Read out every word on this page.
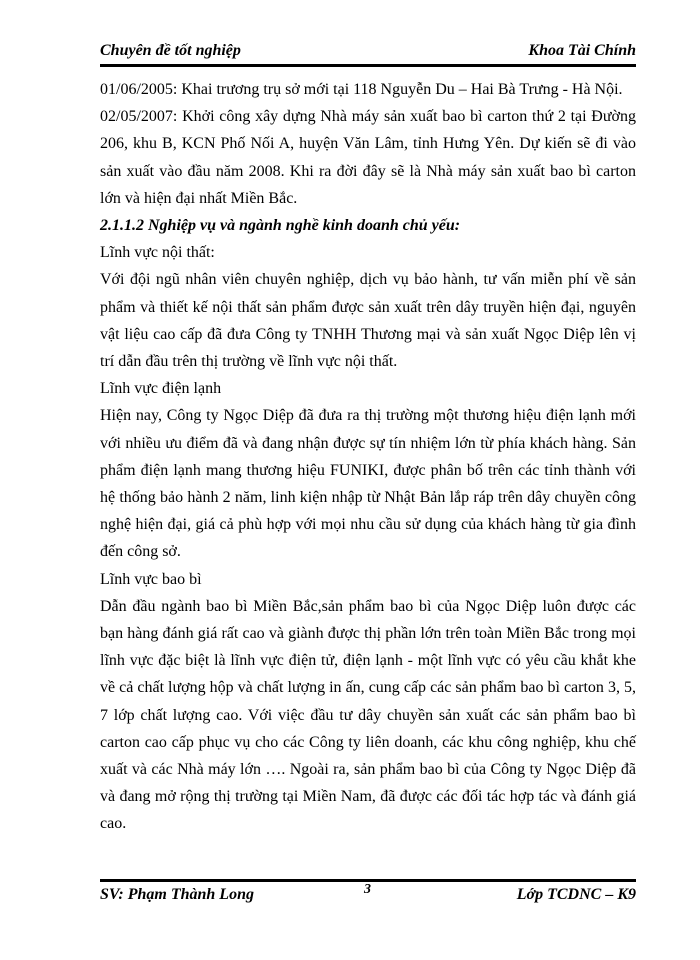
Chuyên đề tốt nghiệp	Khoa Tài Chính

01/06/2005: Khai trương trụ sở mới tại 118 Nguyễn Du – Hai Bà Trưng - Hà Nội.

02/05/2007: Khởi công xây dựng Nhà máy sản xuất bao bì carton thứ 2 tại Đường 206, khu B, KCN Phố Nối A, huyện Văn Lâm, tỉnh Hưng Yên. Dự kiến sẽ đi vào sản xuất vào đầu năm 2008. Khi ra đời đây sẽ là Nhà máy sản xuất bao bì carton lớn và hiện đại nhất Miền Bắc.

2.1.1.2 Nghiệp vụ và ngành nghề kinh doanh chủ yếu:

Lĩnh vực nội thất:

Với đội ngũ nhân viên chuyên nghiệp, dịch vụ bảo hành, tư vấn miễn phí về sản phẩm và thiết kế nội thất sản phẩm được sản xuất trên dây truyền hiện đại, nguyên vật liệu cao cấp đã đưa Công ty TNHH Thương mại và sản xuất Ngọc Diệp lên vị trí dẫn đầu trên thị trường về lĩnh vực nội thất.

Lĩnh vực điện lạnh

Hiện nay, Công ty Ngọc Diệp đã đưa ra thị trường một thương hiệu điện lạnh mới với nhiều ưu điểm đã và đang nhận được sự tín nhiệm lớn từ phía khách hàng. Sản phẩm điện lạnh mang thương hiệu FUNIKI, được phân bố trên các tỉnh thành với hệ thống bảo hành 2 năm, linh kiện nhập từ Nhật Bản lắp ráp trên dây chuyền công nghệ hiện đại, giá cả phù hợp với mọi nhu cầu sử dụng của khách hàng từ gia đình đến công sở.

Lĩnh vực bao bì

Dẫn đầu ngành bao bì Miền Bắc,sản phẩm bao bì của Ngọc Diệp luôn được các bạn hàng đánh giá rất cao và giành được thị phần lớn trên toàn Miền Bắc trong mọi lĩnh vực đặc biệt là lĩnh vực điện tử, điện lạnh - một lĩnh vực có yêu cầu khắt khe về cả chất lượng hộp và chất lượng in ấn, cung cấp các sản phẩm bao bì carton 3, 5, 7 lớp chất lượng cao. Với việc đầu tư dây chuyền sản xuất các sản phẩm bao bì carton cao cấp phục vụ cho các Công ty liên doanh, các khu công nghiệp, khu chế xuất và các Nhà máy lớn …. Ngoài ra, sản phẩm bao bì của Công ty Ngọc Diệp đã và đang mở rộng thị trường tại Miền Nam, đã được các đối tác hợp tác và đánh giá cao.

SV: Phạm Thành Long	3	Lớp TCDNC – K9
